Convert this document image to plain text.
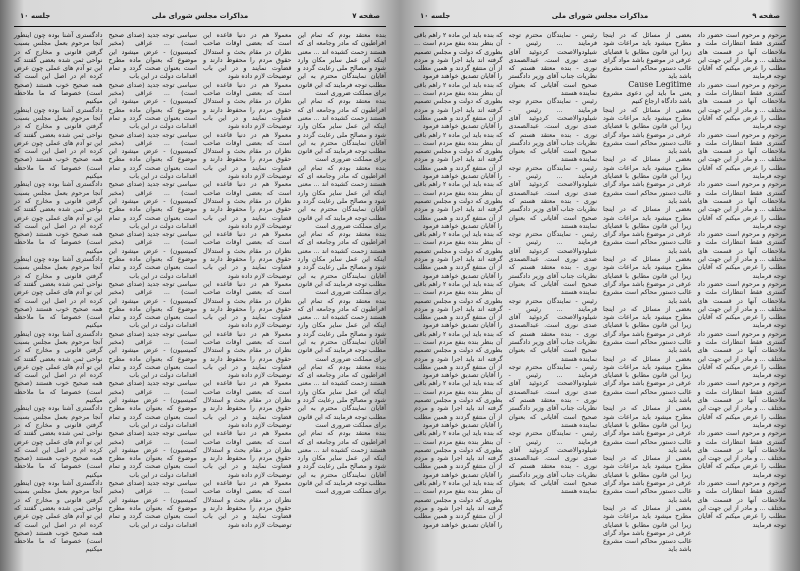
جلسه ۱۰	مذاکرات مجلس شورای ملی	صفحه ۷

بنده معتقد بودم که تمام این افراطیون که مادر وجامعه ای که هستند زحمت کشیده اند ... معنی اینکه این عمل سایر مکان وارد شود و مصالح ملی رعایت گردد و آقایان نمایندگان محترم به این مطلب توجه فرمایند که این قانون برای مملکت ضروری است

بنده معتقد بودم که تمام این افراطیون که مادر وجامعه ای که هستند زحمت کشیده اند ... معنی اینکه این عمل سایر مکان وارد شود و مصالح ملی رعایت گردد و آقایان نمایندگان محترم به این مطلب توجه فرمایند که این قانون برای مملکت ضروری است

بنده معتقد بودم که تمام این افراطیون که مادر وجامعه ای که هستند زحمت کشیده اند ... معنی اینکه این عمل سایر مکان وارد شود و مصالح ملی رعایت گردد و آقایان نمایندگان محترم به این مطلب توجه فرمایند که این قانون برای مملکت ضروری است

بنده معتقد بودم که تمام این افراطیون که مادر وجامعه ای که هستند زحمت کشیده اند ... معنی اینکه این عمل سایر مکان وارد شود و مصالح ملی رعایت گردد و آقایان نمایندگان محترم به این مطلب توجه فرمایند که این قانون برای مملکت ضروری است

بنده معتقد بودم که تمام این افراطیون که مادر وجامعه ای که هستند زحمت کشیده اند ... معنی اینکه این عمل سایر مکان وارد شود و مصالح ملی رعایت گردد و آقایان نمایندگان محترم به این مطلب توجه فرمایند که این قانون برای مملکت ضروری است

بنده معتقد بودم که تمام این افراطیون که مادر وجامعه ای که هستند زحمت کشیده اند ... معنی اینکه این عمل سایر مکان وارد شود و مصالح ملی رعایت گردد و آقایان نمایندگان محترم به این مطلب توجه فرمایند که این قانون برای مملکت ضروری است

بنده معتقد بودم که تمام این افراطیون که مادر وجامعه ای که هستند زحمت کشیده اند ... معنی اینکه این عمل سایر مکان وارد شود و مصالح ملی رعایت گردد و آقایان نمایندگان محترم به این مطلب توجه فرمایند که این قانون برای مملکت ضروری است

معمولا هم در دنیا قاعده این است که بعضی اوقات صاحب نظران در مقام بحث و استدلال حقوق مردم را محفوظ دارند و قضاوت نمایند و در این باب توضیحات لازم داده شود

معمولا هم در دنیا قاعده این است که بعضی اوقات صاحب نظران در مقام بحث و استدلال حقوق مردم را محفوظ دارند و قضاوت نمایند و در این باب توضیحات لازم داده شود

معمولا هم در دنیا قاعده این است که بعضی اوقات صاحب نظران در مقام بحث و استدلال حقوق مردم را محفوظ دارند و قضاوت نمایند و در این باب توضیحات لازم داده شود

معمولا هم در دنیا قاعده این است که بعضی اوقات صاحب نظران در مقام بحث و استدلال حقوق مردم را محفوظ دارند و قضاوت نمایند و در این باب توضیحات لازم داده شود

معمولا هم در دنیا قاعده این است که بعضی اوقات صاحب نظران در مقام بحث و استدلال حقوق مردم را محفوظ دارند و قضاوت نمایند و در این باب توضیحات لازم داده شود

معمولا هم در دنیا قاعده این است که بعضی اوقات صاحب نظران در مقام بحث و استدلال حقوق مردم را محفوظ دارند و قضاوت نمایند و در این باب توضیحات لازم داده شود

معمولا هم در دنیا قاعده این است که بعضی اوقات صاحب نظران در مقام بحث و استدلال حقوق مردم را محفوظ دارند و قضاوت نمایند و در این باب توضیحات لازم داده شود

معمولا هم در دنیا قاعده این است که بعضی اوقات صاحب نظران در مقام بحث و استدلال حقوق مردم را محفوظ دارند و قضاوت نمایند و در این باب توضیحات لازم داده شود

معمولا هم در دنیا قاعده این است که بعضی اوقات صاحب نظران در مقام بحث و استدلال حقوق مردم را محفوظ دارند و قضاوت نمایند و در این باب توضیحات لازم داده شود

معمولا هم در دنیا قاعده این است که بعضی اوقات صاحب نظران در مقام بحث و استدلال حقوق مردم را محفوظ دارند و قضاوت نمایند و در این باب توضیحات لازم داده شود

سیاسی توجه جدید (صدای صحیح است) ... عراقی (مخبر کمیسیون) - عرض میشود این موضوع که بعنوان ماده مطرح است بعنوان صحت گردد و تمام اقدامات دولت در این باب

سیاسی توجه جدید (صدای صحیح است) ... عراقی (مخبر کمیسیون) - عرض میشود این موضوع که بعنوان ماده مطرح است بعنوان صحت گردد و تمام اقدامات دولت در این باب

سیاسی توجه جدید (صدای صحیح است) ... عراقی (مخبر کمیسیون) - عرض میشود این موضوع که بعنوان ماده مطرح است بعنوان صحت گردد و تمام اقدامات دولت در این باب

سیاسی توجه جدید (صدای صحیح است) ... عراقی (مخبر کمیسیون) - عرض میشود این موضوع که بعنوان ماده مطرح است بعنوان صحت گردد و تمام اقدامات دولت در این باب

سیاسی توجه جدید (صدای صحیح است) ... عراقی (مخبر کمیسیون) - عرض میشود این موضوع که بعنوان ماده مطرح است بعنوان صحت گردد و تمام اقدامات دولت در این باب

سیاسی توجه جدید (صدای صحیح است) ... عراقی (مخبر کمیسیون) - عرض میشود این موضوع که بعنوان ماده مطرح است بعنوان صحت گردد و تمام اقدامات دولت در این باب

سیاسی توجه جدید (صدای صحیح است) ... عراقی (مخبر کمیسیون) - عرض میشود این موضوع که بعنوان ماده مطرح است بعنوان صحت گردد و تمام اقدامات دولت در این باب

سیاسی توجه جدید (صدای صحیح است) ... عراقی (مخبر کمیسیون) - عرض میشود این موضوع که بعنوان ماده مطرح است بعنوان صحت گردد و تمام اقدامات دولت در این باب

سیاسی توجه جدید (صدای صحیح است) ... عراقی (مخبر کمیسیون) - عرض میشود این موضوع که بعنوان ماده مطرح است بعنوان صحت گردد و تمام اقدامات دولت در این باب

سیاسی توجه جدید (صدای صحیح است) ... عراقی (مخبر کمیسیون) - عرض میشود این موضوع که بعنوان ماده مطرح است بعنوان صحت گردد و تمام اقدامات دولت در این باب

دادگستری آشنا بوده چون اینطور آنجا مرحوم بعمل مجلس بسبب گرفتن قانونی و مخارج که در نواحی ثمن شده بعضی گفتند که این تو آدم های عملی چون عرض کرده ام در اصل این است که همه صحیح خوب هستند (صحیح است) خصوصا که ما ملاحظه میکنیم

دادگستری آشنا بوده چون اینطور آنجا مرحوم بعمل مجلس بسبب گرفتن قانونی و مخارج که در نواحی ثمن شده بعضی گفتند که این تو آدم های عملی چون عرض کرده ام در اصل این است که همه صحیح خوب هستند (صحیح است) خصوصا که ما ملاحظه میکنیم

دادگستری آشنا بوده چون اینطور آنجا مرحوم بعمل مجلس بسبب گرفتن قانونی و مخارج که در نواحی ثمن شده بعضی گفتند که این تو آدم های عملی چون عرض کرده ام در اصل این است که همه صحیح خوب هستند (صحیح است) خصوصا که ما ملاحظه میکنیم

دادگستری آشنا بوده چون اینطور آنجا مرحوم بعمل مجلس بسبب گرفتن قانونی و مخارج که در نواحی ثمن شده بعضی گفتند که این تو آدم های عملی چون عرض کرده ام در اصل این است که همه صحیح خوب هستند (صحیح است) خصوصا که ما ملاحظه میکنیم

دادگستری آشنا بوده چون اینطور آنجا مرحوم بعمل مجلس بسبب گرفتن قانونی و مخارج که در نواحی ثمن شده بعضی گفتند که این تو آدم های عملی چون عرض کرده ام در اصل این است که همه صحیح خوب هستند (صحیح است) خصوصا که ما ملاحظه میکنیم

دادگستری آشنا بوده چون اینطور آنجا مرحوم بعمل مجلس بسبب گرفتن قانونی و مخارج که در نواحی ثمن شده بعضی گفتند که این تو آدم های عملی چون عرض کرده ام در اصل این است که همه صحیح خوب هستند (صحیح است) خصوصا که ما ملاحظه میکنیم

دادگستری آشنا بوده چون اینطور آنجا مرحوم بعمل مجلس بسبب گرفتن قانونی و مخارج که در نواحی ثمن شده بعضی گفتند که این تو آدم های عملی چون عرض کرده ام در اصل این است که همه صحیح خوب هستند (صحیح است) خصوصا که ما ملاحظه میکنیم

جلسه ۱۰	مذاکرات مجلس شورای ملی	صفحه ۹

مرحوم و مرحوم است حضور داد گستری فقط انتظارات ملت و ملاحظات آنها در قسمت های مختلف ... و مادر از این جهت این مطلب را عرض میکنم که آقایان توجه فرمایند

مرحوم و مرحوم است حضور داد گستری فقط انتظارات ملت و ملاحظات آنها در قسمت های مختلف ... و مادر از این جهت این مطلب را عرض میکنم که آقایان توجه فرمایند

مرحوم و مرحوم است حضور داد گستری فقط انتظارات ملت و ملاحظات آنها در قسمت های مختلف ... و مادر از این جهت این مطلب را عرض میکنم که آقایان توجه فرمایند

مرحوم و مرحوم است حضور داد گستری فقط انتظارات ملت و ملاحظات آنها در قسمت های مختلف ... و مادر از این جهت این مطلب را عرض میکنم که آقایان توجه فرمایند

مرحوم و مرحوم است حضور داد گستری فقط انتظارات ملت و ملاحظات آنها در قسمت های مختلف ... و مادر از این جهت این مطلب را عرض میکنم که آقایان توجه فرمایند

مرحوم و مرحوم است حضور داد گستری فقط انتظارات ملت و ملاحظات آنها در قسمت های مختلف ... و مادر از این جهت این مطلب را عرض میکنم که آقایان توجه فرمایند

مرحوم و مرحوم است حضور داد گستری فقط انتظارات ملت و ملاحظات آنها در قسمت های مختلف ... و مادر از این جهت این مطلب را عرض میکنم که آقایان توجه فرمایند

مرحوم و مرحوم است حضور داد گستری فقط انتظارات ملت و ملاحظات آنها در قسمت های مختلف ... و مادر از این جهت این مطلب را عرض میکنم که آقایان توجه فرمایند

مرحوم و مرحوم است حضور داد گستری فقط انتظارات ملت و ملاحظات آنها در قسمت های مختلف ... و مادر از این جهت این مطلب را عرض میکنم که آقایان توجه فرمایند

مرحوم و مرحوم است حضور داد گستری فقط انتظارات ملت و ملاحظات آنها در قسمت های مختلف ... و مادر از این جهت این مطلب را عرض میکنم که آقایان توجه فرمایند

بعضی از مسائل که در اینجا مطرح میشود باید مراعات شود زیرا این قانون مطابق با قضایای عرفی در موضوع باشد مواد گرای غالب دستور محاکم است مشروع باشد باید

Cause Legitime

یعنی ما باید این دعوی مشروع باشد دادگاه ارجاع کنیم

بعضی از مسائل که در اینجا مطرح میشود باید مراعات شود زیرا این قانون مطابق با قضایای عرفی در موضوع باشد مواد گرای غالب دستور محاکم است مشروع باشد باید

بعضی از مسائل که در اینجا مطرح میشود باید مراعات شود زیرا این قانون مطابق با قضایای عرفی در موضوع باشد مواد گرای غالب دستور محاکم است مشروع باشد باید

بعضی از مسائل که در اینجا مطرح میشود باید مراعات شود زیرا این قانون مطابق با قضایای عرفی در موضوع باشد مواد گرای غالب دستور محاکم است مشروع باشد باید

بعضی از مسائل که در اینجا مطرح میشود باید مراعات شود زیرا این قانون مطابق با قضایای عرفی در موضوع باشد مواد گرای غالب دستور محاکم است مشروع باشد باید

بعضی از مسائل که در اینجا مطرح میشود باید مراعات شود زیرا این قانون مطابق با قضایای عرفی در موضوع باشد مواد گرای غالب دستور محاکم است مشروع باشد باید

بعضی از مسائل که در اینجا مطرح میشود باید مراعات شود زیرا این قانون مطابق با قضایای عرفی در موضوع باشد مواد گرای غالب دستور محاکم است مشروع باشد باید

بعضی از مسائل که در اینجا مطرح میشود باید مراعات شود زیرا این قانون مطابق با قضایای عرفی در موضوع باشد مواد گرای غالب دستور محاکم است مشروع باشد باید

بعضی از مسائل که در اینجا مطرح میشود باید مراعات شود زیرا این قانون مطابق با قضایای عرفی در موضوع باشد مواد گرای غالب دستور محاکم است مشروع باشد باید

بعضی از مسائل که در اینجا مطرح میشود باید مراعات شود زیرا این قانون مطابق با قضایای عرفی در موضوع باشد مواد گرای غالب دستور محاکم است مشروع باشد باید

رئیس - نمایندگان محترم توجه فرمایند ... رئیس - شیلودوالاصحت کردوئید آقای صدی نوری است. عبدالصمدی نوری - بنده معتقد هستم که نظریات جناب آقای وزیر دادگستر صحیح است آقایانی که بعنوان نماینده هستند

رئیس - نمایندگان محترم توجه فرمایند ... رئیس - شیلودوالاصحت کردوئید آقای صدی نوری است. عبدالصمدی نوری - بنده معتقد هستم که نظریات جناب آقای وزیر دادگستر صحیح است آقایانی که بعنوان نماینده هستند

رئیس - نمایندگان محترم توجه فرمایند ... رئیس - شیلودوالاصحت کردوئید آقای صدی نوری است. عبدالصمدی نوری - بنده معتقد هستم که نظریات جناب آقای وزیر دادگستر صحیح است آقایانی که بعنوان نماینده هستند

رئیس - نمایندگان محترم توجه فرمایند ... رئیس - شیلودوالاصحت کردوئید آقای صدی نوری است. عبدالصمدی نوری - بنده معتقد هستم که نظریات جناب آقای وزیر دادگستر صحیح است آقایانی که بعنوان نماینده هستند

رئیس - نمایندگان محترم توجه فرمایند ... رئیس - شیلودوالاصحت کردوئید آقای صدی نوری است. عبدالصمدی نوری - بنده معتقد هستم که نظریات جناب آقای وزیر دادگستر صحیح است آقایانی که بعنوان نماینده هستند

رئیس - نمایندگان محترم توجه فرمایند ... رئیس - شیلودوالاصحت کردوئید آقای صدی نوری است. عبدالصمدی نوری - بنده معتقد هستم که نظریات جناب آقای وزیر دادگستر صحیح است آقایانی که بعنوان نماینده هستند

رئیس - نمایندگان محترم توجه فرمایند ... رئیس - شیلودوالاصحت کردوئید آقای صدی نوری است. عبدالصمدی نوری - بنده معتقد هستم که نظریات جناب آقای وزیر دادگستر صحیح است آقایانی که بعنوان نماینده هستند

که بنده باید این ماده ۲ راهم باقی آن بنظر بنده بنفع مردم است ... بطوری که دولت و مجلس تصمیم گرفته اند باید اجرا شود و مردم از آن منتفع گردند و همین مطلب را آقایان تصدیق خواهند فرمود

که بنده باید این ماده ۲ راهم باقی آن بنظر بنده بنفع مردم است ... بطوری که دولت و مجلس تصمیم گرفته اند باید اجرا شود و مردم از آن منتفع گردند و همین مطلب را آقایان تصدیق خواهند فرمود

که بنده باید این ماده ۲ راهم باقی آن بنظر بنده بنفع مردم است ... بطوری که دولت و مجلس تصمیم گرفته اند باید اجرا شود و مردم از آن منتفع گردند و همین مطلب را آقایان تصدیق خواهند فرمود

که بنده باید این ماده ۲ راهم باقی آن بنظر بنده بنفع مردم است ... بطوری که دولت و مجلس تصمیم گرفته اند باید اجرا شود و مردم از آن منتفع گردند و همین مطلب را آقایان تصدیق خواهند فرمود

که بنده باید این ماده ۲ راهم باقی آن بنظر بنده بنفع مردم است ... بطوری که دولت و مجلس تصمیم گرفته اند باید اجرا شود و مردم از آن منتفع گردند و همین مطلب را آقایان تصدیق خواهند فرمود

که بنده باید این ماده ۲ راهم باقی آن بنظر بنده بنفع مردم است ... بطوری که دولت و مجلس تصمیم گرفته اند باید اجرا شود و مردم از آن منتفع گردند و همین مطلب را آقایان تصدیق خواهند فرمود

که بنده باید این ماده ۲ راهم باقی آن بنظر بنده بنفع مردم است ... بطوری که دولت و مجلس تصمیم گرفته اند باید اجرا شود و مردم از آن منتفع گردند و همین مطلب را آقایان تصدیق خواهند فرمود

که بنده باید این ماده ۲ راهم باقی آن بنظر بنده بنفع مردم است ... بطوری که دولت و مجلس تصمیم گرفته اند باید اجرا شود و مردم از آن منتفع گردند و همین مطلب را آقایان تصدیق خواهند فرمود

که بنده باید این ماده ۲ راهم باقی آن بنظر بنده بنفع مردم است ... بطوری که دولت و مجلس تصمیم گرفته اند باید اجرا شود و مردم از آن منتفع گردند و همین مطلب را آقایان تصدیق خواهند فرمود

که بنده باید این ماده ۲ راهم باقی آن بنظر بنده بنفع مردم است ... بطوری که دولت و مجلس تصمیم گرفته اند باید اجرا شود و مردم از آن منتفع گردند و همین مطلب را آقایان تصدیق خواهند فرمود
